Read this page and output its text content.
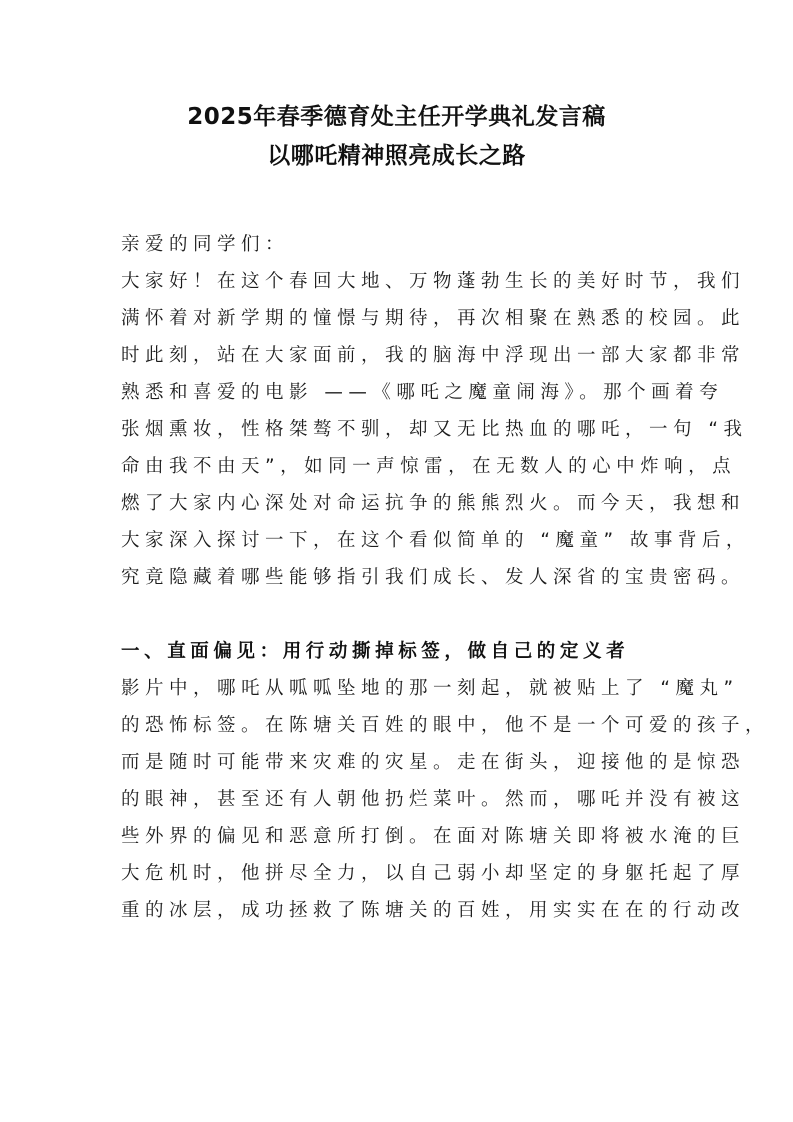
2025年春季德育处主任开学典礼发言稿
以哪吒精神照亮成长之路
亲爱的同学们：
大家好！在这个春回大地、万物蓬勃生长的美好时节，我们
满怀着对新学期的憧憬与期待，再次相聚在熟悉的校园。此
时此刻，站在大家面前，我的脑海中浮现出一部大家都非常
熟悉和喜爱的电影 ——《哪吒之魔童闹海》。那个画着夸
张烟熏妆，性格桀骜不驯，却又无比热血的哪吒，一句 “我
命由我不由天”，如同一声惊雷，在无数人的心中炸响，点
燃了大家内心深处对命运抗争的熊熊烈火。而今天，我想和
大家深入探讨一下，在这个看似简单的 “魔童” 故事背后，
究竟隐藏着哪些能够指引我们成长、发人深省的宝贵密码。
一、直面偏见：用行动撕掉标签，做自己的定义者
影片中，哪吒从呱呱坠地的那一刻起，就被贴上了 “魔丸”
的恐怖标签。在陈塘关百姓的眼中，他不是一个可爱的孩子，
而是随时可能带来灾难的灾星。走在街头，迎接他的是惊恐
的眼神，甚至还有人朝他扔烂菜叶。然而，哪吒并没有被这
些外界的偏见和恶意所打倒。在面对陈塘关即将被水淹的巨
大危机时，他拼尽全力，以自己弱小却坚定的身躯托起了厚
重的冰层，成功拯救了陈塘关的百姓，用实实在在的行动改
